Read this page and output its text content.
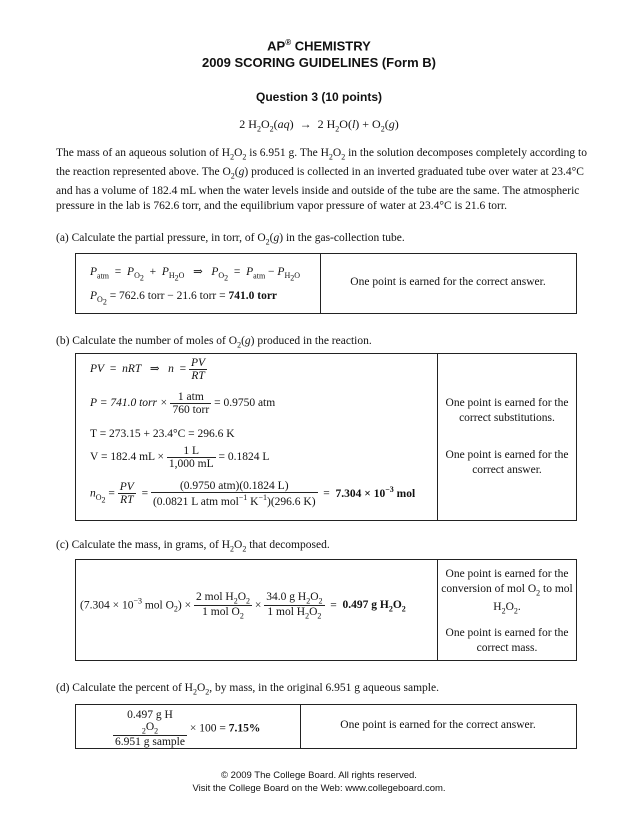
AP® CHEMISTRY
2009 SCORING GUIDELINES (Form B)
Question 3 (10 points)
2 $H_2O_2(aq) \to 2$ $H_2O(l) + O_2(g)$
The mass of an aqueous solution of $H_2O_2$ is 6.951 g. The $H_2O_2$ in the solution decomposes completely according to the reaction represented above. The $O_2(g)$ produced is collected in an inverted graduated tube over water at 23.4°C and has a volume of 182.4 mL when the water levels inside and outside of the tube are the same. The atmospheric pressure in the lab is 762.6 torr, and the equilibrium vapor pressure of water at 23.4°C is 21.6 torr.
(a) Calculate the partial pressure, in torr, of $O_2(g)$ in the gas-collection tube.
$P_{atm} = P_{O_2} + P_{H_2O}$   ⇒   $P_{O_2} = P_{atm} - P_{H_2O}$
$P_{O_2} = 762.6$ torr − 21.6 torr = 741.0 torr
One point is earned for the correct answer.
(b) Calculate the number of moles of $O_2(g)$ produced in the reaction.
PV  =  nRT   ⇒   $n = \frac{PV}{RT}$
P = 741.0 torr × $\frac{\text{1 atm}}{\text{760 torr}} = 0.9750$ atm
T = 273.15 + 23.4°C = 296.6 K
V = 182.4 mL × $\frac{1 L}{1,000 mL} = 0.1824$ L
$n_{O_2} = \frac{PV}{RT} = \frac{\text{(0.9750 atm)(0.1824 L)}}{(0.0821 L atm mol^{-1} K^{-1})(296.6 K)} = 7.304 \times 10^{-3}$ mol
One point is earned for the correct substitutions.
One point is earned for the correct answer.
(c) Calculate the mass, in grams, of $H_2O_2$ that decomposed.
($7.304 \times 10^{-3}$ mol $O_2) \times \frac{2 mol H_2O_2}{1 mol O_2} \times \frac{34.0 g H_2O_2}{1 mol H_2O_2} = 0.497$ g $H_2O_2$
One point is earned for the conversion of mol $O_2$ to mol $H_2O_2$.
One point is earned for the correct mass.
(d) Calculate the percent of $H_2O_2$, by mass, in the original 6.951 g aqueous sample.
0.497 g H
$_2O_2$
6.951 g sample × 100 = 7.15%	One point is earned for the correct answer.
© 2009 The College Board. All rights reserved.
Visit the College Board on the Web: www.collegeboard.com.
